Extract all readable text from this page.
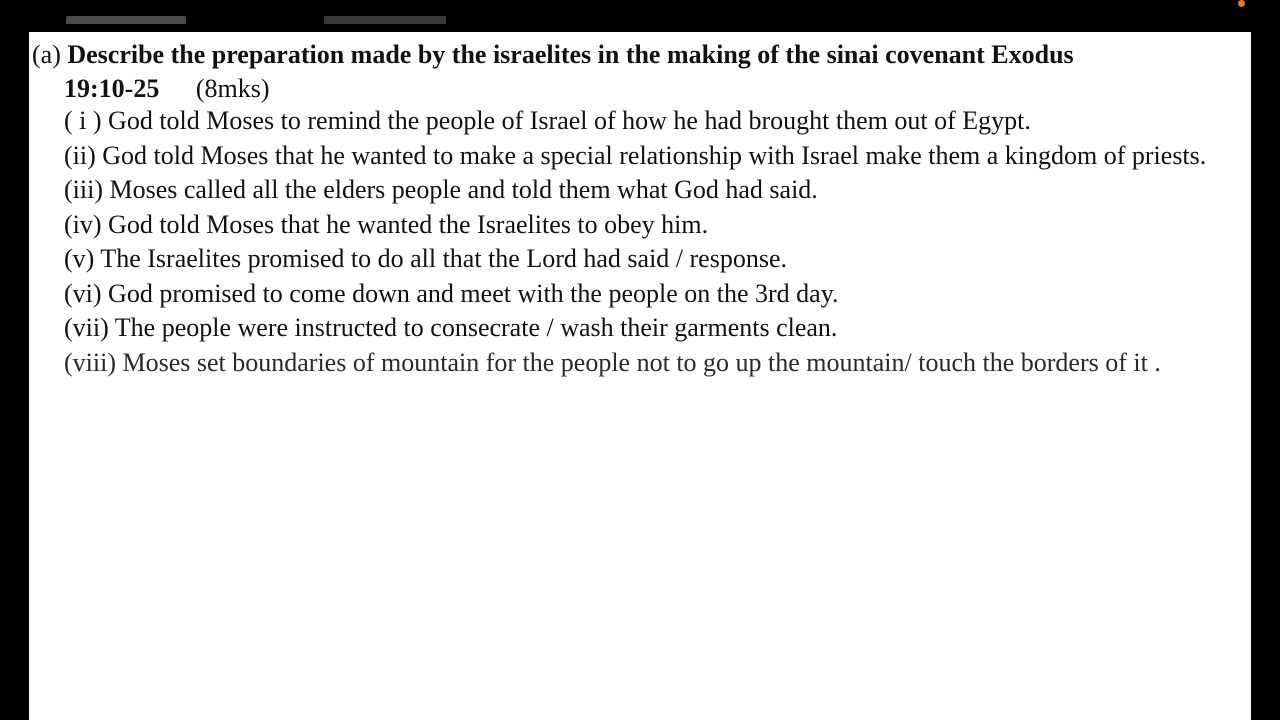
(a) Describe the preparation made by the israelites in the making of the sinai covenant Exodus
19:10-25 (8mks)
( i ) God told Moses to remind the people of Israel of how he had brought them out of Egypt.
(ii) God told Moses that he wanted to make a special relationship with Israel make them a kingdom of priests.
(iii) Moses called all the elders people and told them what God had said.
(iv) God told Moses that he wanted the Israelites to obey him.
(v) The Israelites promised to do all that the Lord had said / response.
(vi) God promised to come down and meet with the people on the 3rd day.
(vii) The people were instructed to consecrate / wash their garments clean.
(viii) Moses set boundaries of mountain for the people not to go up the mountain/ touch the borders of it .
